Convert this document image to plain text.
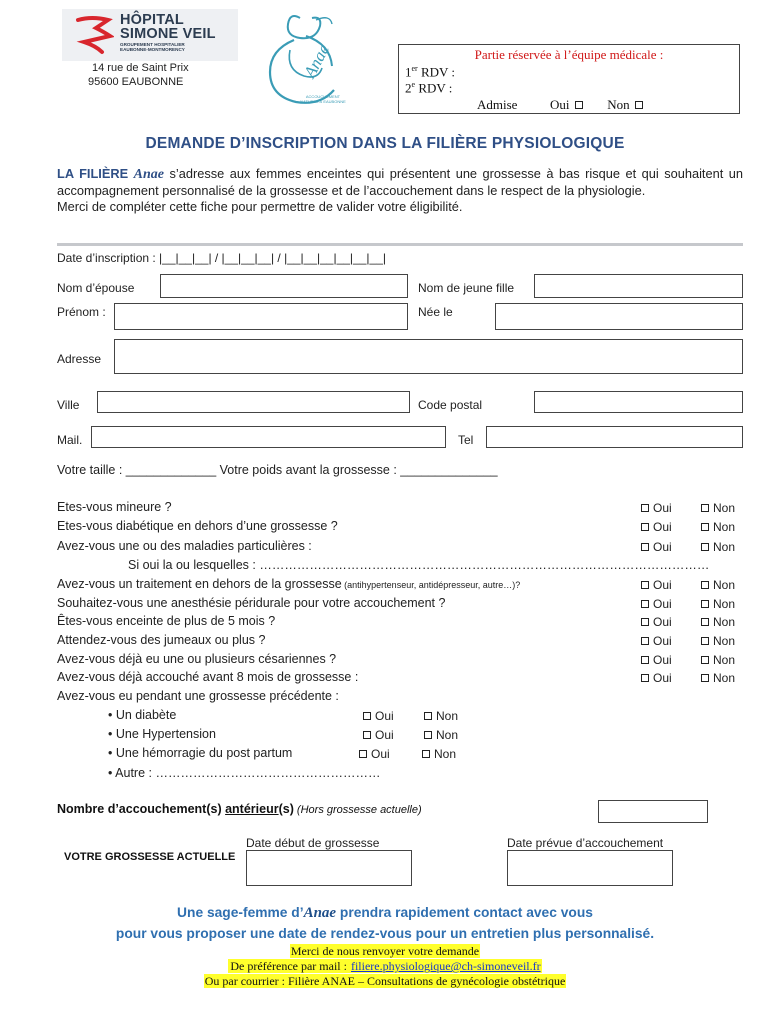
HÔPITAL
SIMONE VEIL
GROUPEMENT HOSPITALIER
EAUBONNE-MONTMORENCY
14 rue de Saint Prix
95600 EAUBONNE
Anae
ACCOUCHEMENT
NATUREL À EAUBONNE
Partie réservée à l’équipe médicale :
1er RDV :
2e RDV :
Admise	Oui	Non
DEMANDE D’INSCRIPTION DANS LA FILIÈRE PHYSIOLOGIQUE
LA FILIÈRE Anae s’adresse aux femmes enceintes qui présentent une grossesse à bas risque et qui souhaitent un accompagnement personnalisé de la grossesse et de l’accouchement dans le respect de la physiologie.
Merci de compléter cette fiche pour permettre de valider votre éligibilité.
Date d’inscription : |__|__|__| / |__|__|__| / |__|__|__|__|__|__|
Nom d’épouse	Nom de jeune fille
Prénom :	Née le
Adresse
Ville	Code postal
Mail.	Tel
Votre taille : _____________ Votre poids avant la grossesse : ______________
Etes-vous mineure ?	Oui	Non
Etes-vous diabétique en dehors d’une grossesse ?	Oui	Non
Avez-vous une ou des maladies particulières :	Oui	Non
Si oui la ou lesquelles : ………………………………………………………………………………………………
Avez-vous un traitement en dehors de la grossesse (antihypertenseur, antidépresseur, autre…)?	Oui	Non
Souhaitez-vous une anesthésie péridurale pour votre accouchement ?	Oui	Non
Êtes-vous enceinte de plus de 5 mois ?	Oui	Non
Attendez-vous des jumeaux ou plus ?	Oui	Non
Avez-vous déjà eu une ou plusieurs césariennes ?	Oui	Non
Avez-vous déjà accouché avant 8 mois de grossesse :	Oui	Non
Avez-vous eu pendant une grossesse précédente :
• Un diabète	Oui	Non
• Une Hypertension	Oui	Non
• Une hémorragie du post partum	Oui	Non
• Autre : ………………………………………………
Nombre d’accouchement(s) antérieur(s) (Hors grossesse actuelle)
Date début de grossesse	Date prévue d’accouchement
VOTRE GROSSESSE ACTUELLE
Une sage-femme d’Anae prendra rapidement contact avec vous
pour vous proposer une date de rendez-vous pour un entretien plus personnalisé.
Merci de nous renvoyer votre demande
De préférence par mail : filiere.physiologique@ch-simoneveil.fr
Ou par courrier : Filière ANAE – Consultations de gynécologie obstétrique
